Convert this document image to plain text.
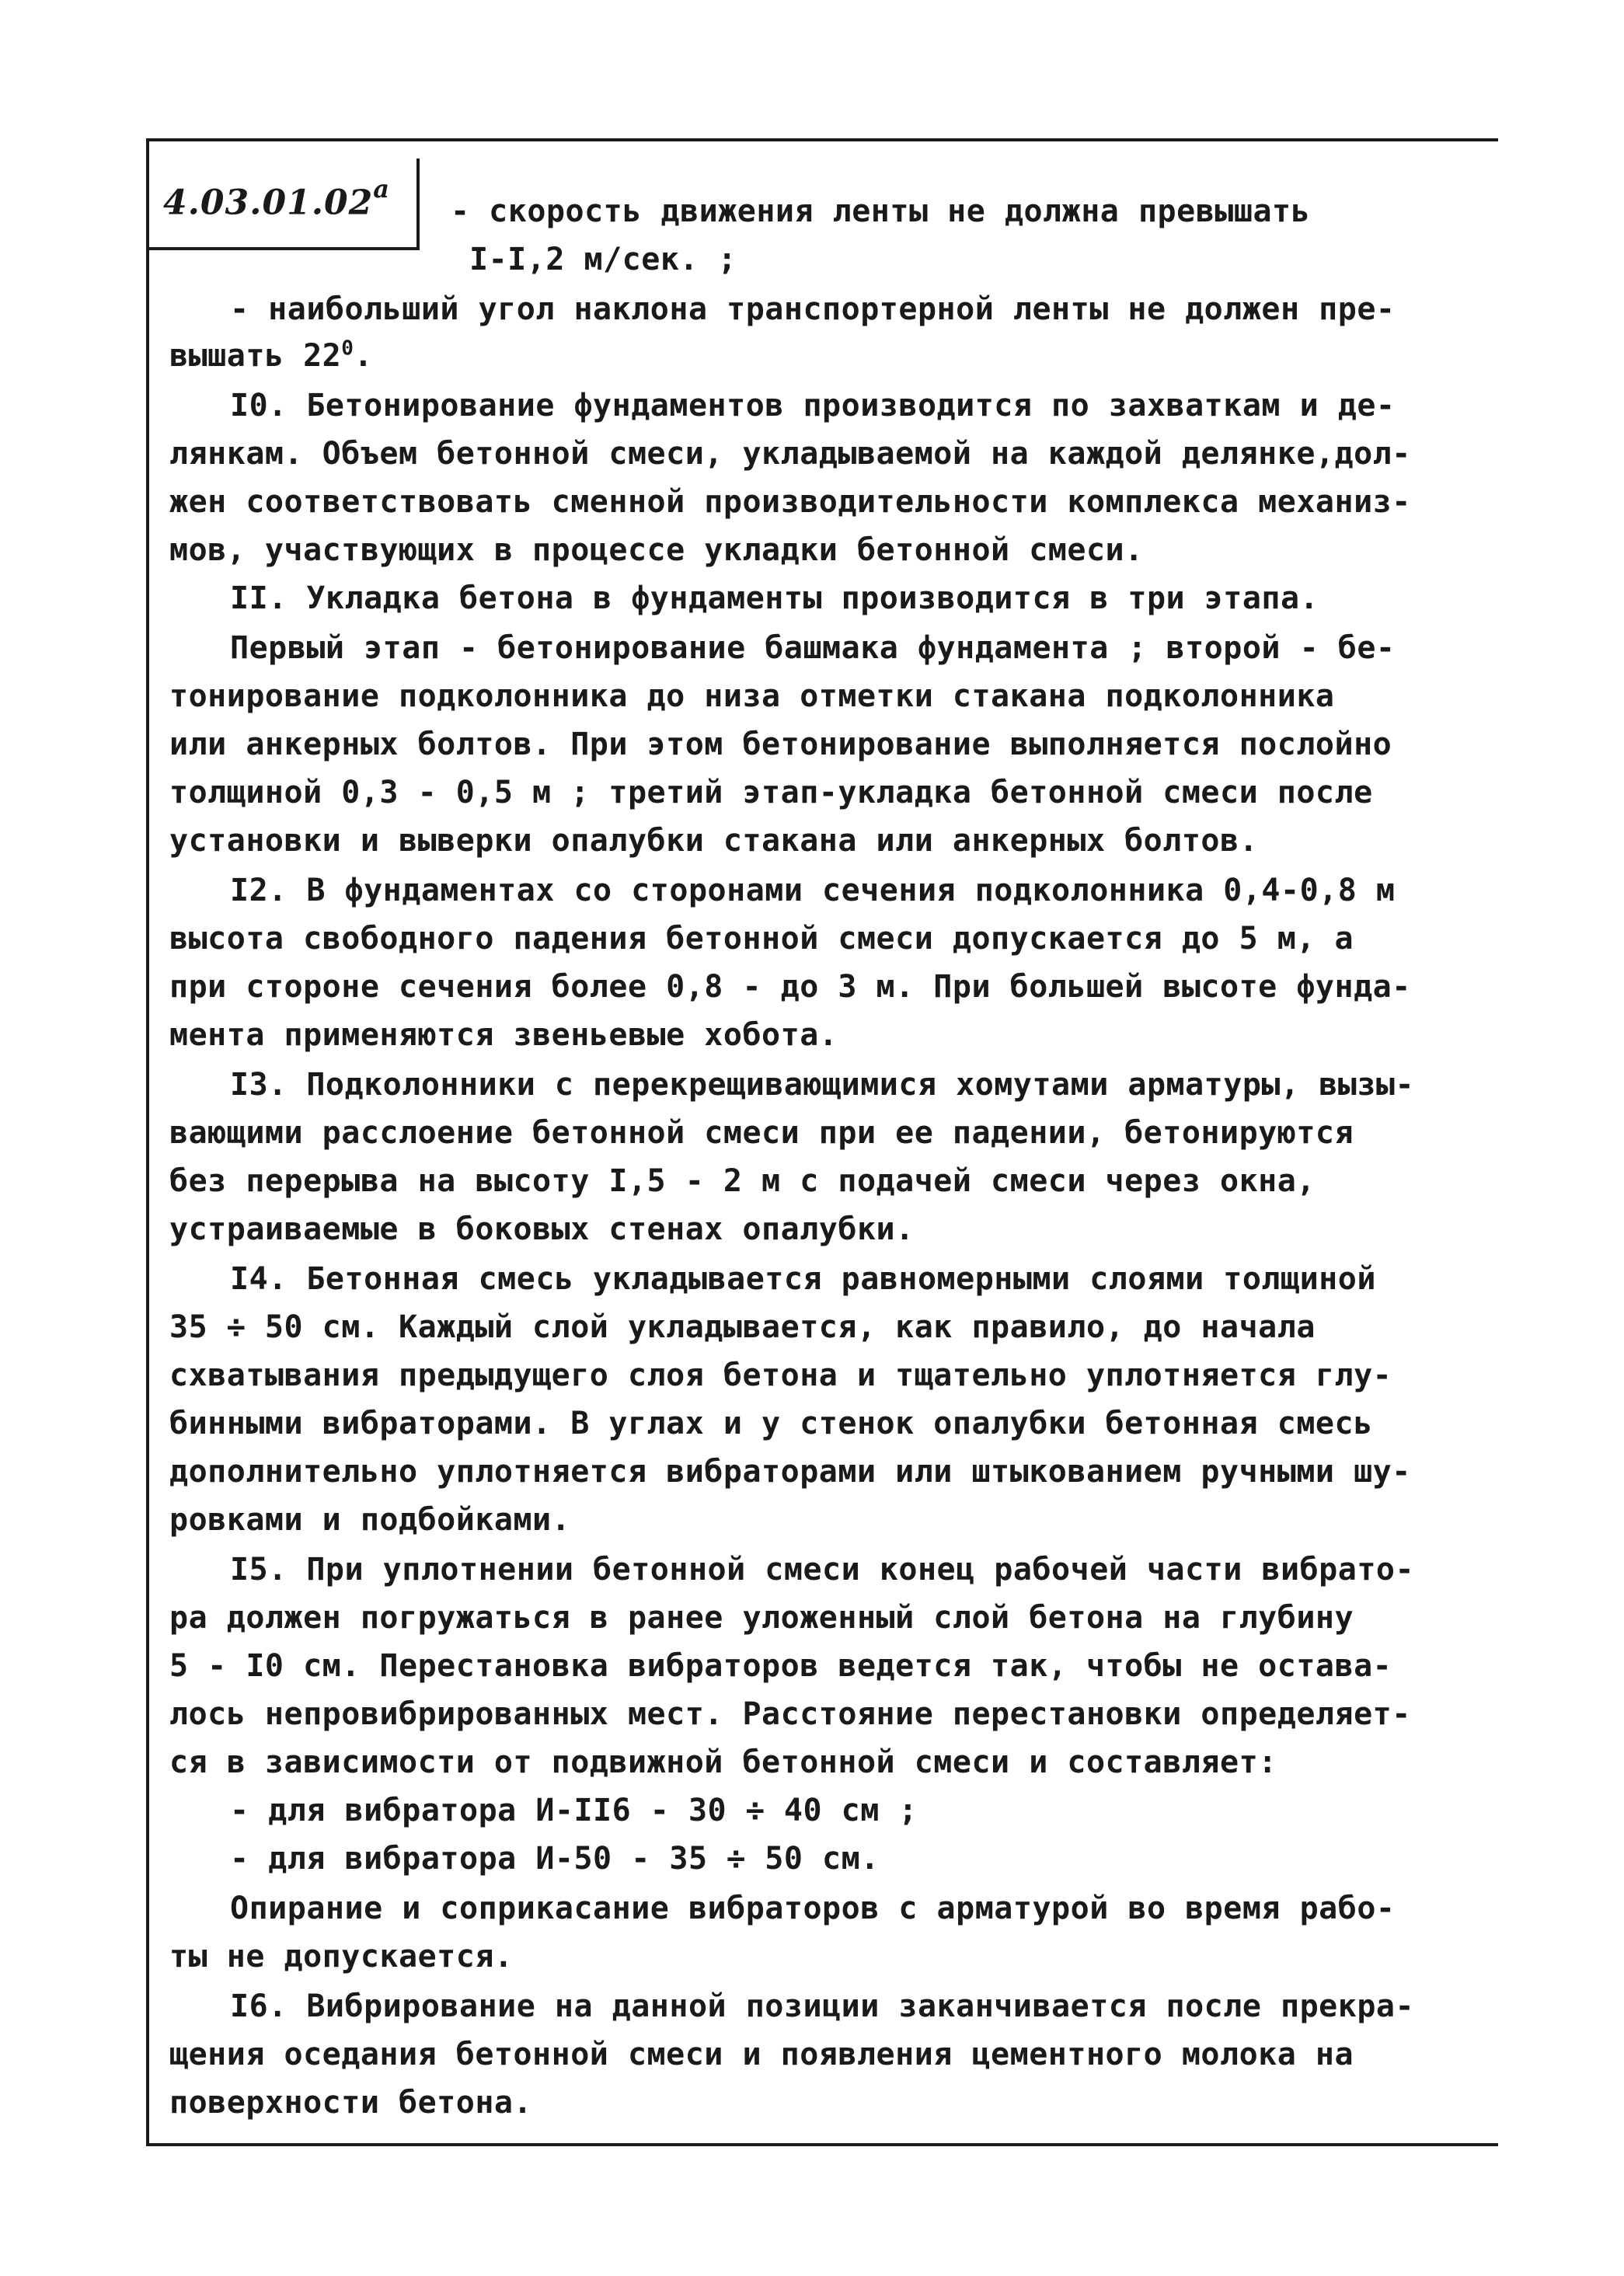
$4.03.01.02^а$
- скорость движения ленты не должна превышать
I-I,2 м/сек. ;
- наибольший угол наклона транспортерной ленты не должен пре-
вышать $22^0$.
I0. Бетонирование фундаментов производится по захваткам и де-
лянкам. Объем бетонной смеси, укладываемой на каждой делянке,дол-
жен соответствовать сменной производительности комплекса механиз-
мов, участвующих в процессе укладки бетонной смеси.
II. Укладка бетона в фундаменты производится в три этапа.
Первый этап - бетонирование башмака фундамента ; второй - бе-
тонирование подколонника до низа отметки стакана подколонника
или анкерных болтов. При этом бетонирование выполняется послойно
толщиной 0,3 - 0,5 м ; третий этап-укладка бетонной смеси после
установки и выверки опалубки стакана или анкерных болтов.
I2. В фундаментах со сторонами сечения подколонника 0,4-0,8 м
высота свободного падения бетонной смеси допускается до 5 м, а
при стороне сечения более 0,8 - до 3 м. При большей высоте фунда-
мента применяются звеньевые хобота.
I3. Подколонники с перекрещивающимися хомутами арматуры, вызы-
вающими расслоение бетонной смеси при ее падении, бетонируются
без перерыва на высоту I,5 - 2 м с подачей смеси через окна,
устраиваемые в боковых стенах опалубки.
I4. Бетонная смесь укладывается равномерными слоями толщиной
35 ÷ 50 см. Каждый слой укладывается, как правило, до начала
схватывания предыдущего слоя бетона и тщательно уплотняется глу-
бинными вибраторами. В углах и у стенок опалубки бетонная смесь
дополнительно уплотняется вибраторами или штыкованием ручными шу-
ровками и подбойками.
I5. При уплотнении бетонной смеси конец рабочей части вибрато-
ра должен погружаться в ранее уложенный слой бетона на глубину
5 - I0 см. Перестановка вибраторов ведется так, чтобы не остава-
лось непровибрированных мест. Расстояние перестановки определяет-
ся в зависимости от подвижной бетонной смеси и составляет:
- для вибратора И-II6 - 30 ÷ 40 см ;
- для вибратора И-50 - 35 ÷ 50 см.
Опирание и соприкасание вибраторов с арматурой во время рабо-
ты не допускается.
I6. Вибрирование на данной позиции заканчивается после прекра-
щения оседания бетонной смеси и появления цементного молока на
поверхности бетона.
